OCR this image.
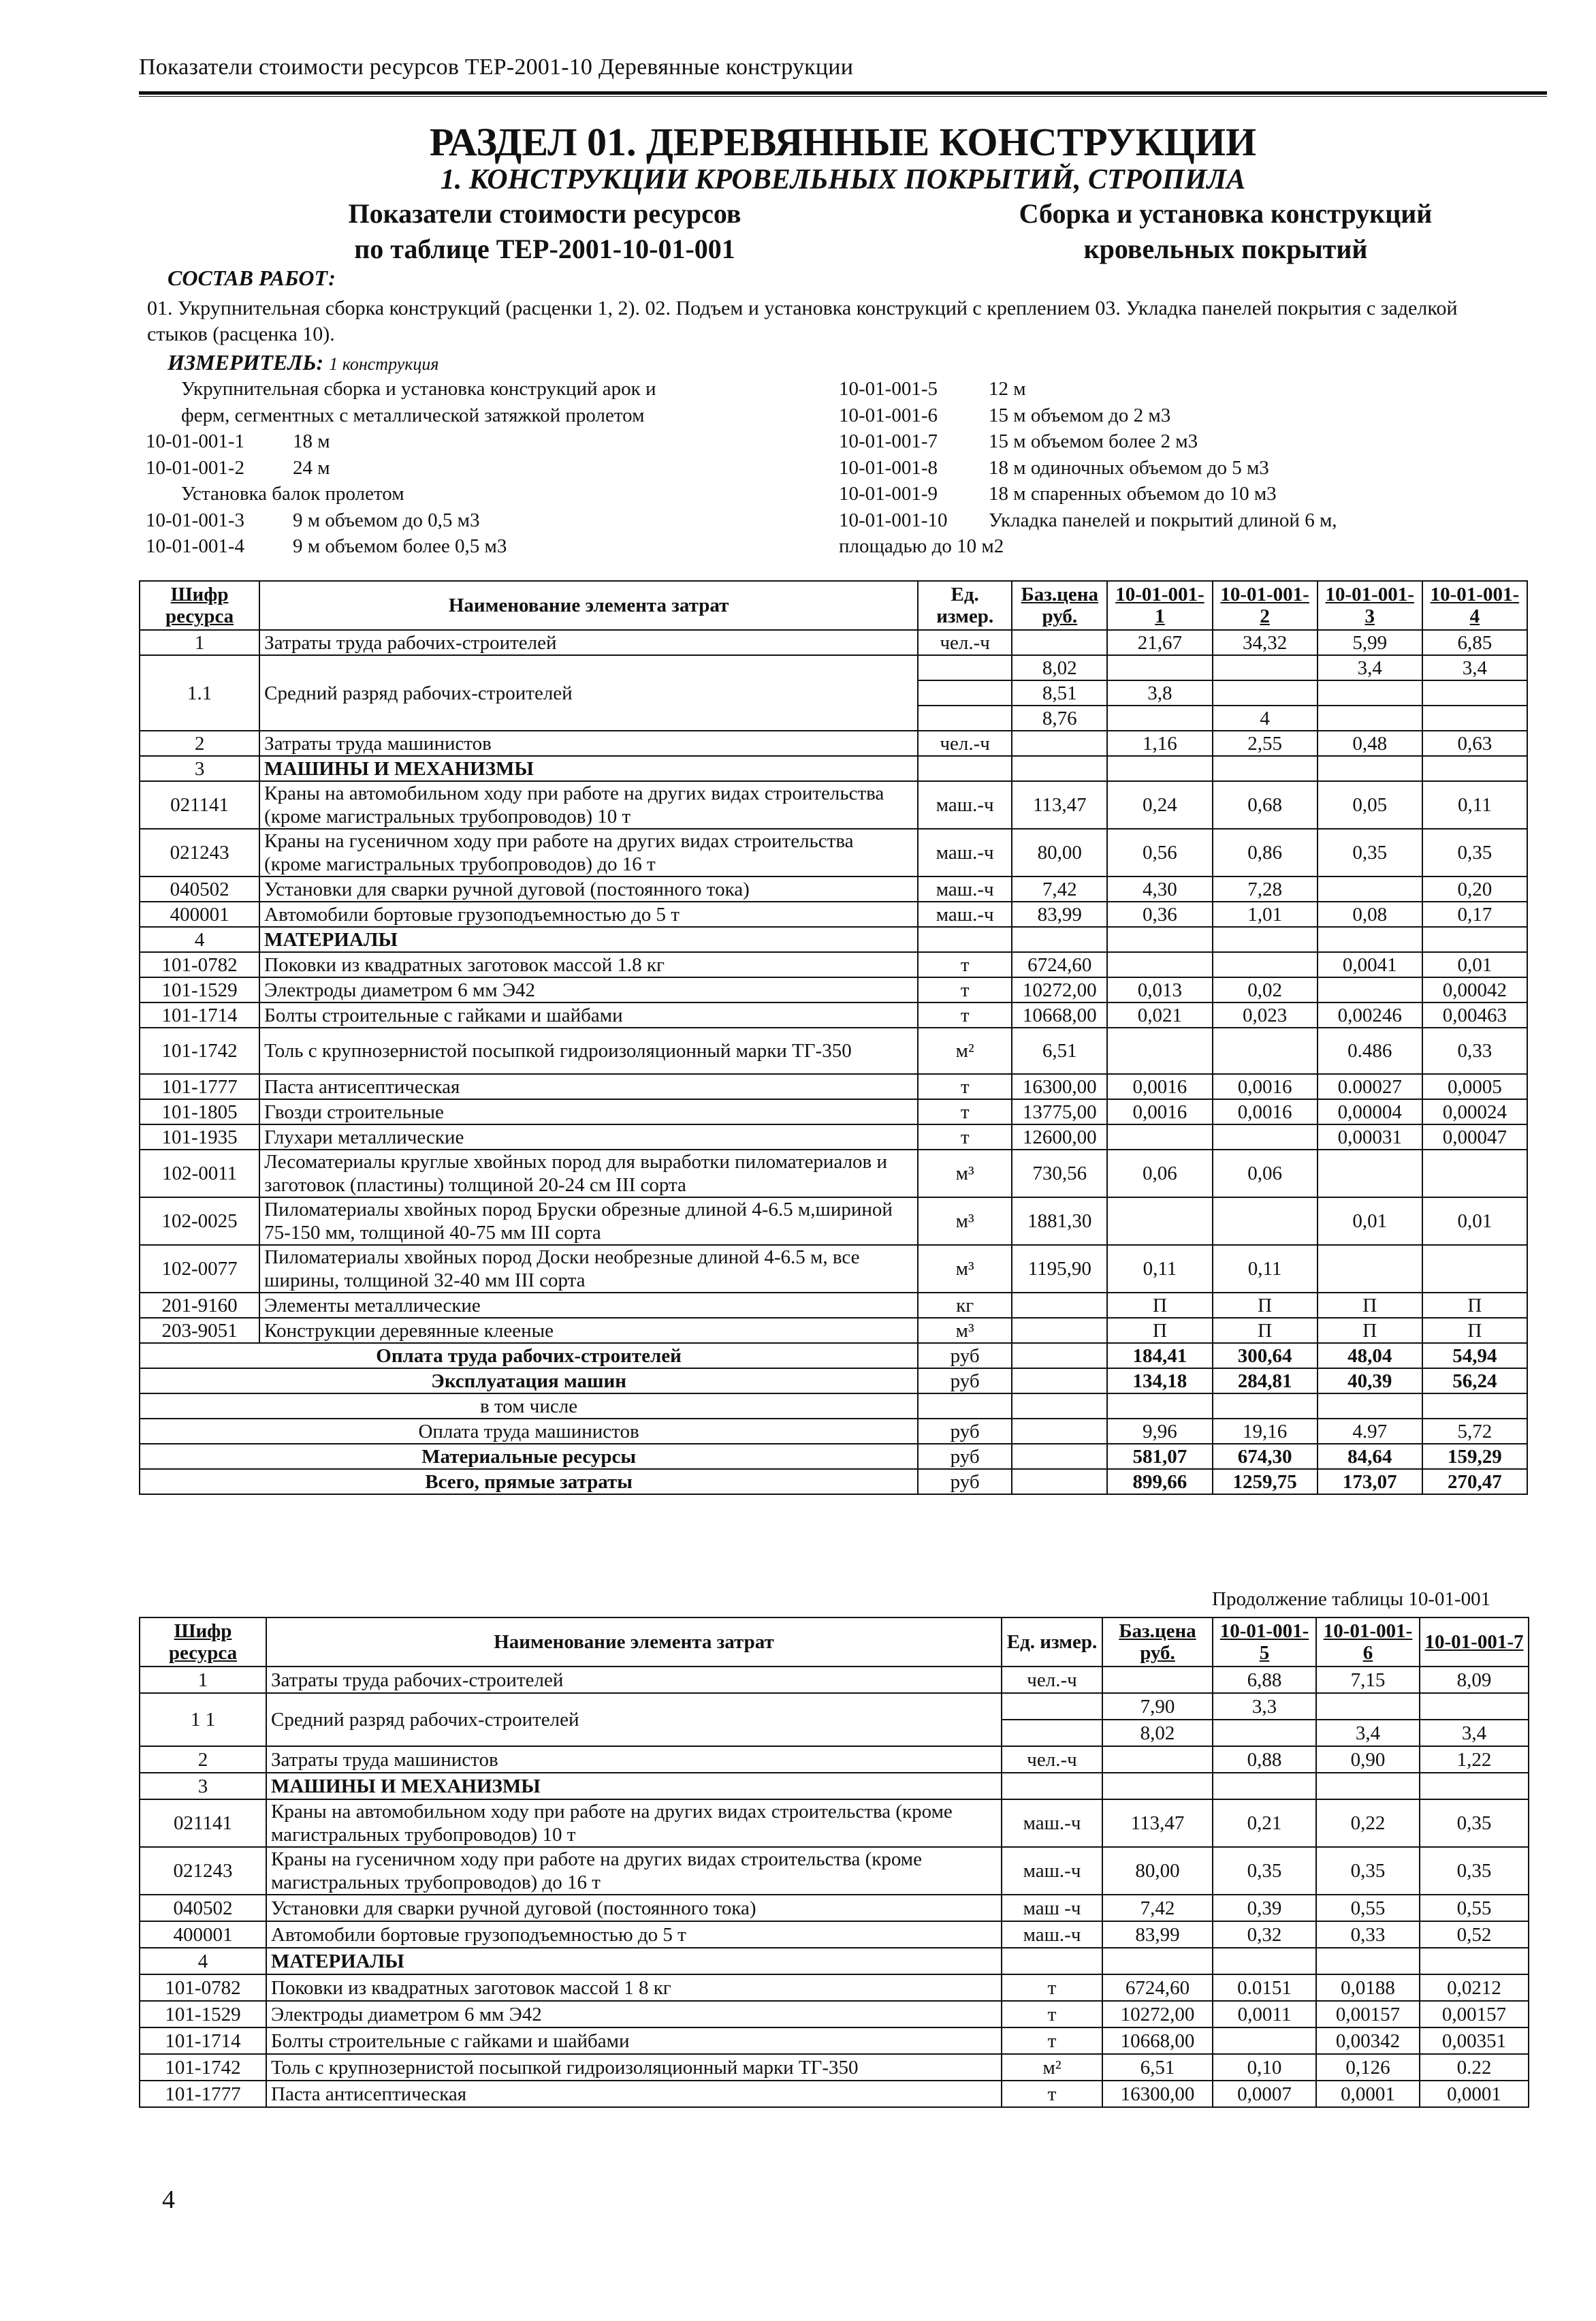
Показатели стоимости ресурсов ТЕР-2001-10 Деревянные конструкции
РАЗДЕЛ 01. ДЕРЕВЯННЫЕ КОНСТРУКЦИИ
1. КОНСТРУКЦИИ КРОВЕЛЬНЫХ ПОКРЫТИЙ, СТРОПИЛА
Показатели стоимости ресурсов
по таблице ТЕР-2001-10-01-001
Сборка и установка конструкций
кровельных покрытий
СОСТАВ РАБОТ:
01. Укрупнительная сборка конструкций (расценки 1, 2). 02. Подъем и установка конструкций с креплением 03. Укладка панелей покрытия с заделкой стыков (расценка 10).
ИЗМЕРИТЕЛЬ: 1 конструкция
Укрупнительная сборка и установка конструкций арок и
ферм, сегментных с металлической затяжкой пролетом
10-01-001-1 18 м
10-01-001-2 24 м
Установка балок пролетом
10-01-001-3 9 м объемом до 0,5 м3
10-01-001-4 9 м объемом более 0,5 м3
10-01-001-5	12 м
10-01-001-6	15 м объемом до 2 м3
10-01-001-7	15 м объемом более 2 м3
10-01-001-8	18 м одиночных объемом до 5 м3
10-01-001-9	18 м спаренных объемом до 10 м3
10-01-001-10 Укладка панелей и покрытий длиной 6 м,
площадью до 10 м2
Шифр ресурса	Наименование элемента затрат	Ед. измер.	Баз.цена руб.	10-01-001-1	10-01-001-2	10-01-001-3	10-01-001-4
1	Затраты труда рабочих-строителей	чел.-ч		21,67	34,32	5,99	6,85
1.1	Средний разряд рабочих-строителей		8,02			3,4	3,4
			8,51	3,8			
			8,76		4		
2	Затраты труда машинистов	чел.-ч		1,16	2,55	0,48	0,63
3	МАШИНЫ И МЕХАНИЗМЫ						
021141	Краны на автомобильном ходу при работе на других видах строительства (кроме магистральных трубопроводов) 10 т	маш.-ч	113,47	0,24	0,68	0,05	0,11
021243	Краны на гусеничном ходу при работе на других видах строительства (кроме магистральных трубопроводов) до 16 т	маш.-ч	80,00	0,56	0,86	0,35	0,35
040502	Установки для сварки ручной дуговой (постоянного тока)	маш.-ч	7,42	4,30	7,28		0,20
400001	Автомобили бортовые грузоподъемностью до 5 т	маш.-ч	83,99	0,36	1,01	0,08	0,17
4	МАТЕРИАЛЫ						
101-0782	Поковки из квадратных заготовок массой 1.8 кг	т	6724,60			0,0041	0,01
101-1529	Электроды диаметром 6 мм Э42	т	10272,00	0,013	0,02		0,00042
101-1714	Болты строительные с гайками и шайбами	т	10668,00	0,021	0,023	0,00246	0,00463
101-1742	Толь с крупнозернистой посыпкой гидроизоляционный марки ТГ-350	м²	6,51			0.486	0,33
101-1777	Паста антисептическая	т	16300,00	0,0016	0,0016	0.00027	0,0005
101-1805	Гвозди строительные	т	13775,00	0,0016	0,0016	0,00004	0,00024
101-1935	Глухари металлические	т	12600,00			0,00031	0,00047
102-0011	Лесоматериалы круглые хвойных пород для выработки пиломатериалов и заготовок (пластины) толщиной 20-24 см III сорта	м³	730,56	0,06	0,06		
102-0025	Пиломатериалы хвойных пород Бруски обрезные длиной 4-6.5 м,шириной 75-150 мм, толщиной 40-75 мм III сорта	м³	1881,30			0,01	0,01
102-0077	Пиломатериалы хвойных пород Доски необрезные длиной 4-6.5 м, все ширины, толщиной 32-40 мм III сорта	м³	1195,90	0,11	0,11		
201-9160	Элементы металлические	кг		П	П	П	П
203-9051	Конструкции деревянные клееные	м³		П	П	П	П
Оплата труда рабочих-строителей		руб		184,41	300,64	48,04	54,94
Эксплуатация машин		руб		134,18	284,81	40,39	56,24
в том числе							
Оплата труда машинистов		руб		9,96	19,16	4.97	5,72
Материальные ресурсы		руб		581,07	674,30	84,64	159,29
Всего, прямые затраты		руб		899,66	1259,75	173,07	270,47
Продолжение таблицы 10-01-001
Шифр ресурса	Наименование элемента затрат	Ед. измер.	Баз.цена руб.	10-01-001-5	10-01-001-6	10-01-001-7
1	Затраты труда рабочих-строителей	чел.-ч		6,88	7,15	8,09
1 1	Средний разряд рабочих-строителей		7,90	3,3		
			8,02		3,4	3,4
2	Затраты труда машинистов	чел.-ч		0,88	0,90	1,22
3	МАШИНЫ И МЕХАНИЗМЫ					
021141	Краны на автомобильном ходу при работе на других видах строительства (кроме магистральных трубопроводов) 10 т	маш.-ч	113,47	0,21	0,22	0,35
021243	Краны на гусеничном ходу при работе на других видах строительства (кроме магистральных трубопроводов) до 16 т	маш.-ч	80,00	0,35	0,35	0,35
040502	Установки для сварки ручной дуговой (постоянного тока)	маш -ч	7,42	0,39	0,55	0,55
400001	Автомобили бортовые грузоподъемностью до 5 т	маш.-ч	83,99	0,32	0,33	0,52
4	МАТЕРИАЛЫ					
101-0782	Поковки из квадратных заготовок массой 1 8 кг	т	6724,60	0.0151	0,0188	0,0212
101-1529	Электроды диаметром 6 мм Э42	т	10272,00	0,0011	0,00157	0,00157
101-1714	Болты строительные с гайками и шайбами	т	10668,00		0,00342	0,00351
101-1742	Толь с крупнозернистой посыпкой гидроизоляционный марки ТГ-350	м²	6,51	0,10	0,126	0.22
101-1777	Паста антисептическая	т	16300,00	0,0007	0,0001	0,0001
4
